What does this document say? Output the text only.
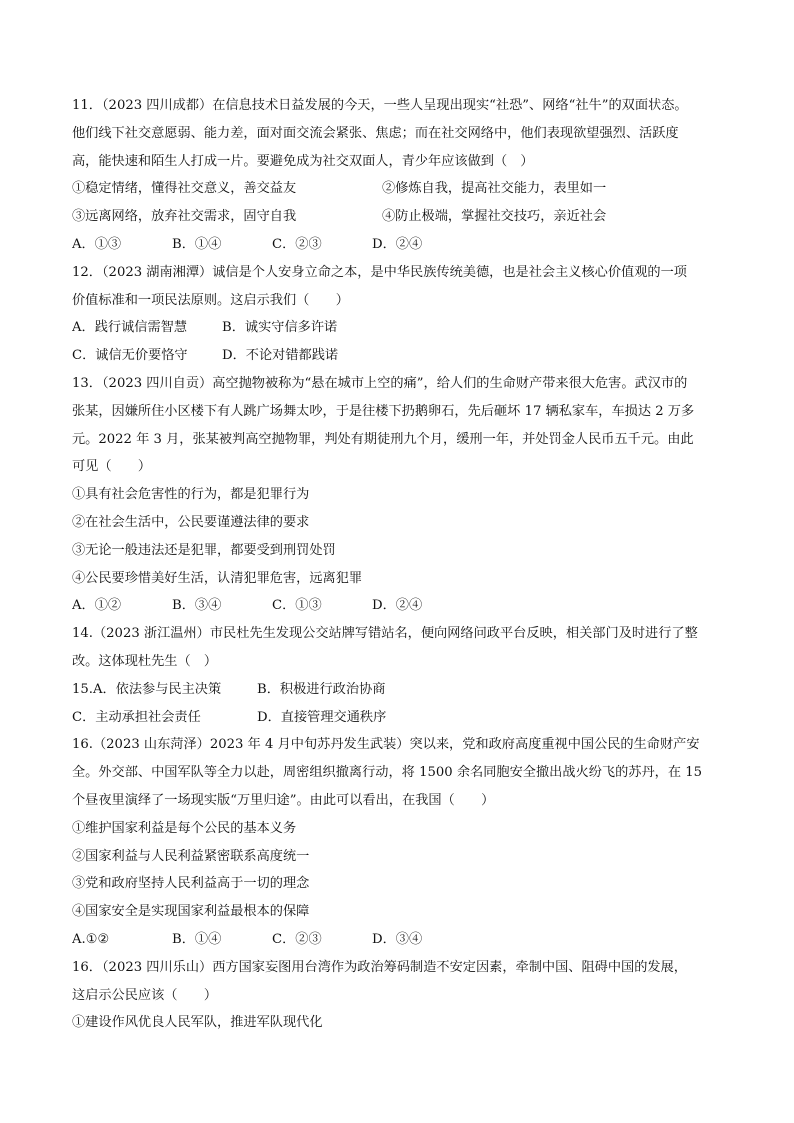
11．（2023 四川成都）在信息技术日益发展的今天，一些人呈现出现实“社恐”、网络“社牛”的双面状态。
他们线下社交意愿弱、能力差，面对面交流会紧张、焦虑；而在社交网络中，他们表现欲望强烈、活跃度
高，能快速和陌生人打成一片。要避免成为社交双面人，青少年应该做到（　）
①稳定情绪，懂得社交意义，善交益友	②修炼自我，提高社交能力，表里如一
③远离网络，放弃社交需求，固守自我	④防止极端，掌握社交技巧，亲近社会
A．①③	B．①④	C．②③	D．②④
12．（2023 湖南湘潭）诚信是个人安身立命之本，是中华民族传统美德，也是社会主义核心价值观的一项
价值标准和一项民法原则。这启示我们（　　）
A．践行诚信需智慧	B．诚实守信多许诺
C．诚信无价要恪守	D．不论对错都践诺
13．（2023 四川自贡）高空抛物被称为“悬在城市上空的痛”，给人们的生命财产带来很大危害。武汉市的
张某，因嫌所住小区楼下有人跳广场舞太吵，于是往楼下扔鹅卵石，先后砸坏 17 辆私家车，车损达 2 万多
元。2022 年 3 月，张某被判高空抛物罪，判处有期徒刑九个月，缓刑一年，并处罚金人民币五千元。由此
可见（　　）
①具有社会危害性的行为，都是犯罪行为
②在社会生活中，公民要谨遵法律的要求
③无论一般违法还是犯罪，都要受到刑罚处罚
④公民要珍惜美好生活，认清犯罪危害，远离犯罪
A．①②	B．③④	C．①③	D．②④
14.（2023 浙江温州）市民杜先生发现公交站牌写错站名，便向网络问政平台反映，相关部门及时进行了整
改。这体现杜先生（　）
15.A．依法参与民主决策	B．积极进行政治协商
C．主动承担社会责任	D．直接管理交通秩序
16.（2023 山东菏泽）2023 年 4 月中旬苏丹发生武装）突以来，党和政府高度重视中国公民的生命财产安
全。外交部、中国军队等全力以赴，周密组织撤离行动，将 1500 余名同胞安全撤出战火纷飞的苏丹，在 15
个昼夜里演绎了一场现实版“万里归途”。由此可以看出，在我国（　　）
①维护国家利益是每个公民的基本义务
②国家利益与人民利益紧密联系高度统一
③党和政府坚持人民利益高于一切的理念
④国家安全是实现国家利益最根本的保障
A.①②	B．①④	C．②③	D．③④
16．（2023 四川乐山）西方国家妄图用台湾作为政治筹码制造不安定因素，牵制中国、阻碍中国的发展，
这启示公民应该（　　）
①建设作风优良人民军队，推进军队现代化
